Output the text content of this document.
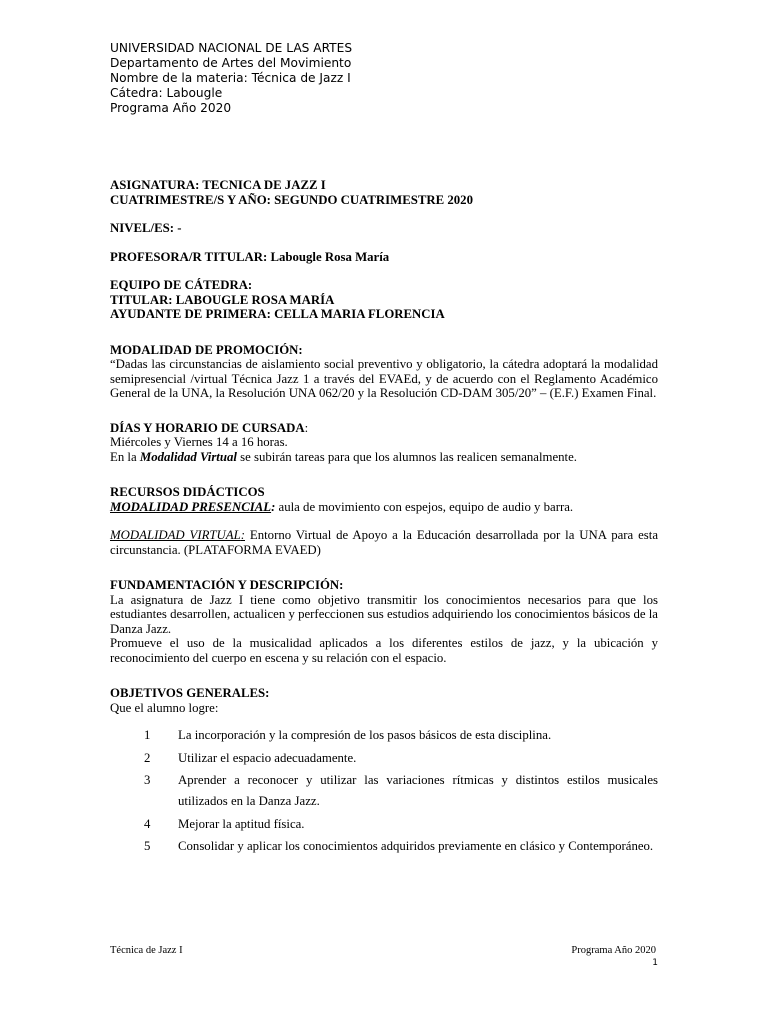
UNIVERSIDAD NACIONAL DE LAS ARTES
Departamento de Artes del Movimiento
Nombre de la materia: Técnica de Jazz I
Cátedra: Labougle
Programa Año 2020

ASIGNATURA: TECNICA DE JAZZ I

CUATRIMESTRE/S Y AÑO: SEGUNDO CUATRIMESTRE 2020

NIVEL/ES: -

PROFESORA/R TITULAR: Labougle Rosa María

EQUIPO DE CÁTEDRA:

TITULAR: LABOUGLE ROSA MARÍA

AYUDANTE DE PRIMERA: CELLA MARIA FLORENCIA

MODALIDAD DE PROMOCIÓN:

“Dadas las circunstancias de aislamiento social preventivo y obligatorio, la cátedra adoptará la modalidad semipresencial /virtual Técnica Jazz 1 a través del EVAEd, y de acuerdo con el Reglamento Académico General de la UNA, la Resolución UNA 062/20 y la Resolución CD-DAM 305/20” – (E.F.) Examen Final.

DÍAS Y HORARIO DE CURSADA:

Miércoles y Viernes 14 a 16 horas.

En la Modalidad Virtual se subirán tareas para que los alumnos las realicen semanalmente.

RECURSOS DIDÁCTICOS

MODALIDAD PRESENCIAL: aula de movimiento con espejos, equipo de audio y barra.

MODALIDAD VIRTUAL: Entorno Virtual de Apoyo a la Educación desarrollada por la UNA para esta circunstancia. (PLATAFORMA EVAED)

FUNDAMENTACIÓN Y DESCRIPCIÓN:

La asignatura de Jazz I tiene como objetivo transmitir los conocimientos necesarios para que los estudiantes desarrollen, actualicen y perfeccionen sus estudios adquiriendo los conocimientos básicos de la Danza Jazz.

Promueve el uso de la musicalidad aplicados a los diferentes estilos de jazz, y la ubicación y reconocimiento del cuerpo en escena y su relación con el espacio.

OBJETIVOS GENERALES:

Que el alumno logre:

1	La incorporación y la compresión de los pasos básicos de esta disciplina.
2	Utilizar el espacio adecuadamente.
3	Aprender a reconocer y utilizar las variaciones rítmicas y distintos estilos musicales utilizados en la Danza Jazz.
4	Mejorar la aptitud física.
5	Consolidar y aplicar los conocimientos adquiridos previamente en clásico y Contemporáneo.
Técnica de Jazz I	Programa Año 2020
1
